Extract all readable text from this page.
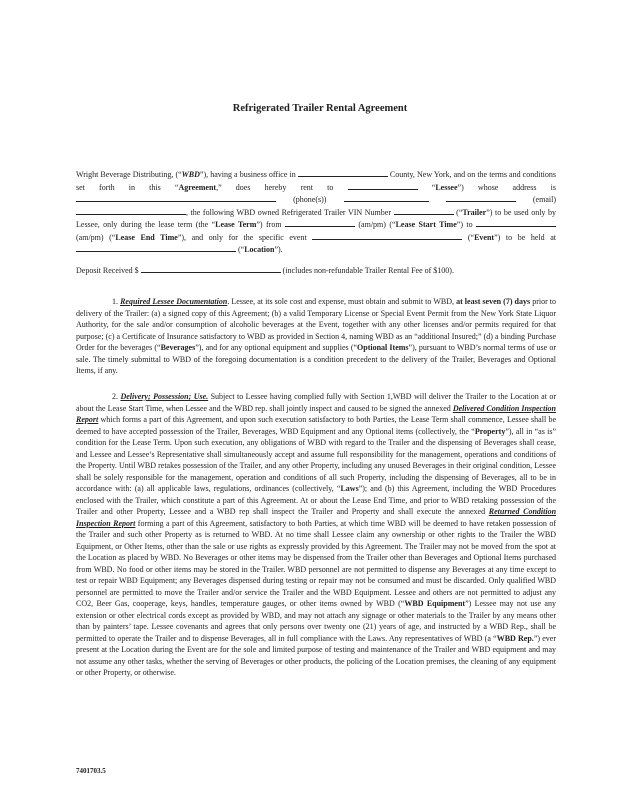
Refrigerated Trailer Rental Agreement
Wright Beverage Distributing, (“WBD”), having a business office in	County, New York, and on the terms and conditions set forth in this “Agreement,” does hereby rent to	“Lessee”) whose address is  (phone(s))	(email) , the following WBD owned Refrigerated Trailer VIN Number	(“Trailer”) to be used only by Lessee, only during the lease term (the “Lease Term”) from	(am/pm) (“Lease Start Time”) to  (am/pm) (“Lease End Time”), and only for the specific event	(“Event”) to be held at  (“Location”).
Deposit Received $	(includes non-refundable Trailer Rental Fee of $100).
1. Required Lessee Documentation. Lessee, at its sole cost and expense, must obtain and submit to WBD, at least seven (7) days prior to delivery of the Trailer: (a) a signed copy of this Agreement; (b) a valid Temporary License or Special Event Permit from the New York State Liquor Authority, for the sale and/or consumption of alcoholic beverages at the Event, together with any other licenses and/or permits required for that purpose; (c) a Certificate of Insurance satisfactory to WBD as provided in Section 4, naming WBD as an “additional Insured;” (d) a binding Purchase Order for the beverages (“Beverages”), and for any optional equipment and supplies (“Optional Items”), pursuant to WBD’s normal terms of use or sale. The timely submittal to WBD of the foregoing documentation is a condition precedent to the delivery of the Trailer, Beverages and Optional Items, if any.
2. Delivery; Possession; Use. Subject to Lessee having complied fully with Section 1,WBD will deliver the Trailer to the Location at or about the Lease Start Time, when Lessee and the WBD rep. shall jointly inspect and caused to be signed the annexed Delivered Condition Inspection Report which forms a part of this Agreement, and upon such execution satisfactory to both Parties, the Lease Term shall commence, Lessee shall be deemed to have accepted possession of the Trailer, Beverages, WBD Equipment and any Optional items (collectively, the “Property”), all in “as is” condition for the Lease Term. Upon such execution, any obligations of WBD with regard to the Trailer and the dispensing of Beverages shall cease, and Lessee and Lessee’s Representative shall simultaneously accept and assume full responsibility for the management, operations and conditions of the Property. Until WBD retakes possession of the Trailer, and any other Property, including any unused Beverages in their original condition, Lessee shall be solely responsible for the management, operation and conditions of all such Property, including the dispensing of Beverages, all to be in accordance with: (a) all applicable laws, regulations, ordinances (collectively, “Laws”); and (b) this Agreement, including the WBD Procedures enclosed with the Trailer, which constitute a part of this Agreement. At or about the Lease End Time, and prior to WBD retaking possession of the Trailer and other Property, Lessee and a WBD rep shall inspect the Trailer and Property and shall execute the annexed Returned Condition Inspection Report forming a part of this Agreement, satisfactory to both Parties, at which time WBD will be deemed to have retaken possession of the Trailer and such other Property as is returned to WBD. At no time shall Lessee claim any ownership or other rights to the Trailer the WBD Equipment, or Other Items, other than the sale or use rights as expressly provided by this Agreement. The Trailer may not be moved from the spot at the Location as placed by WBD. No Beverages or other items may be dispensed from the Trailer other than Beverages and Optional Items purchased from WBD. No food or other items may be stored in the Trailer. WBD personnel are not permitted to dispense any Beverages at any time except to test or repair WBD Equipment; any Beverages dispensed during testing or repair may not be consumed and must be discarded. Only qualified WBD personnel are permitted to move the Trailer and/or service the Trailer and the WBD Equipment. Lessee and others are not permitted to adjust any CO2, Beer Gas, cooperage, keys, handles, temperature gauges, or other items owned by WBD (“WBD Equipment”) Lessee may not use any extension or other electrical cords except as provided by WBD, and may not attach any signage or other materials to the Trailer by any means other than by painters’ tape. Lessee covenants and agrees that only persons over twenty one (21) years of age, and instructed by a WBD Rep., shall be permitted to operate the Trailer and to dispense Beverages, all in full compliance with the Laws. Any representatives of WBD (a “WBD Rep.”) ever present at the Location during the Event are for the sole and limited purpose of testing and maintenance of the Trailer and WBD equipment and may not assume any other tasks, whether the serving of Beverages or other products, the policing of the Location premises, the cleaning of any equipment or other Property, or otherwise.
7401703.5
